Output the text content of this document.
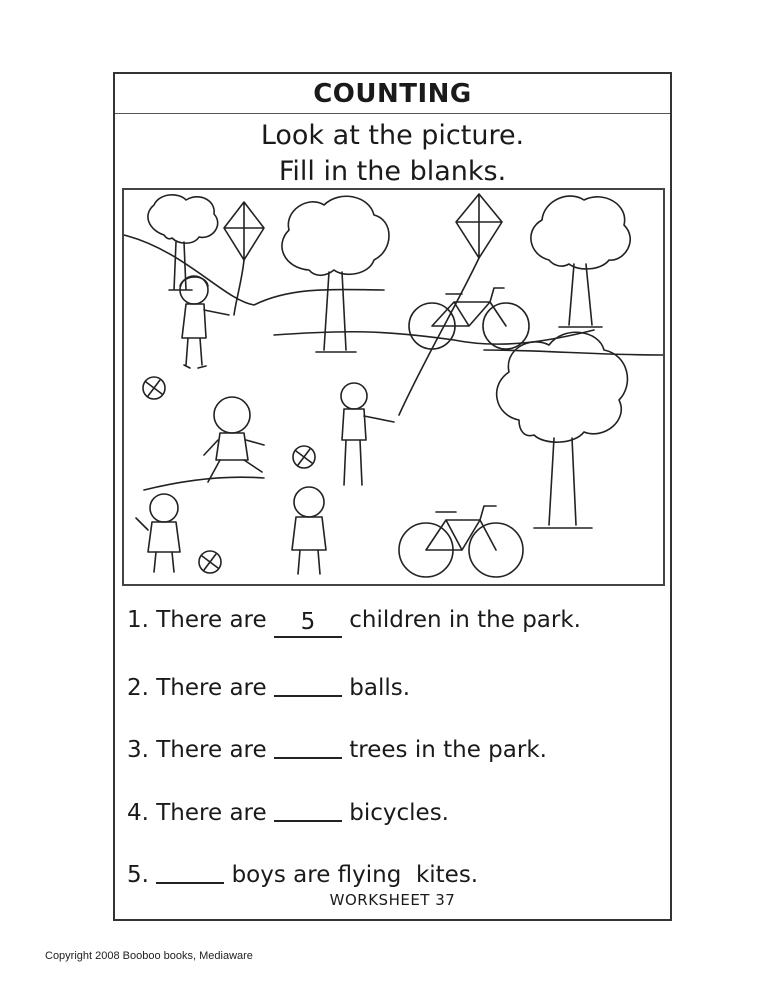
COUNTING
Look at the picture.
Fill in the blanks.
1. There are 5 children in the park.
2. There are	balls.
3. There are	trees in the park.
4. There are	bicycles.
5.	boys are flying  kites.
WORKSHEET 37
Copyright 2008 Booboo books, Mediaware
